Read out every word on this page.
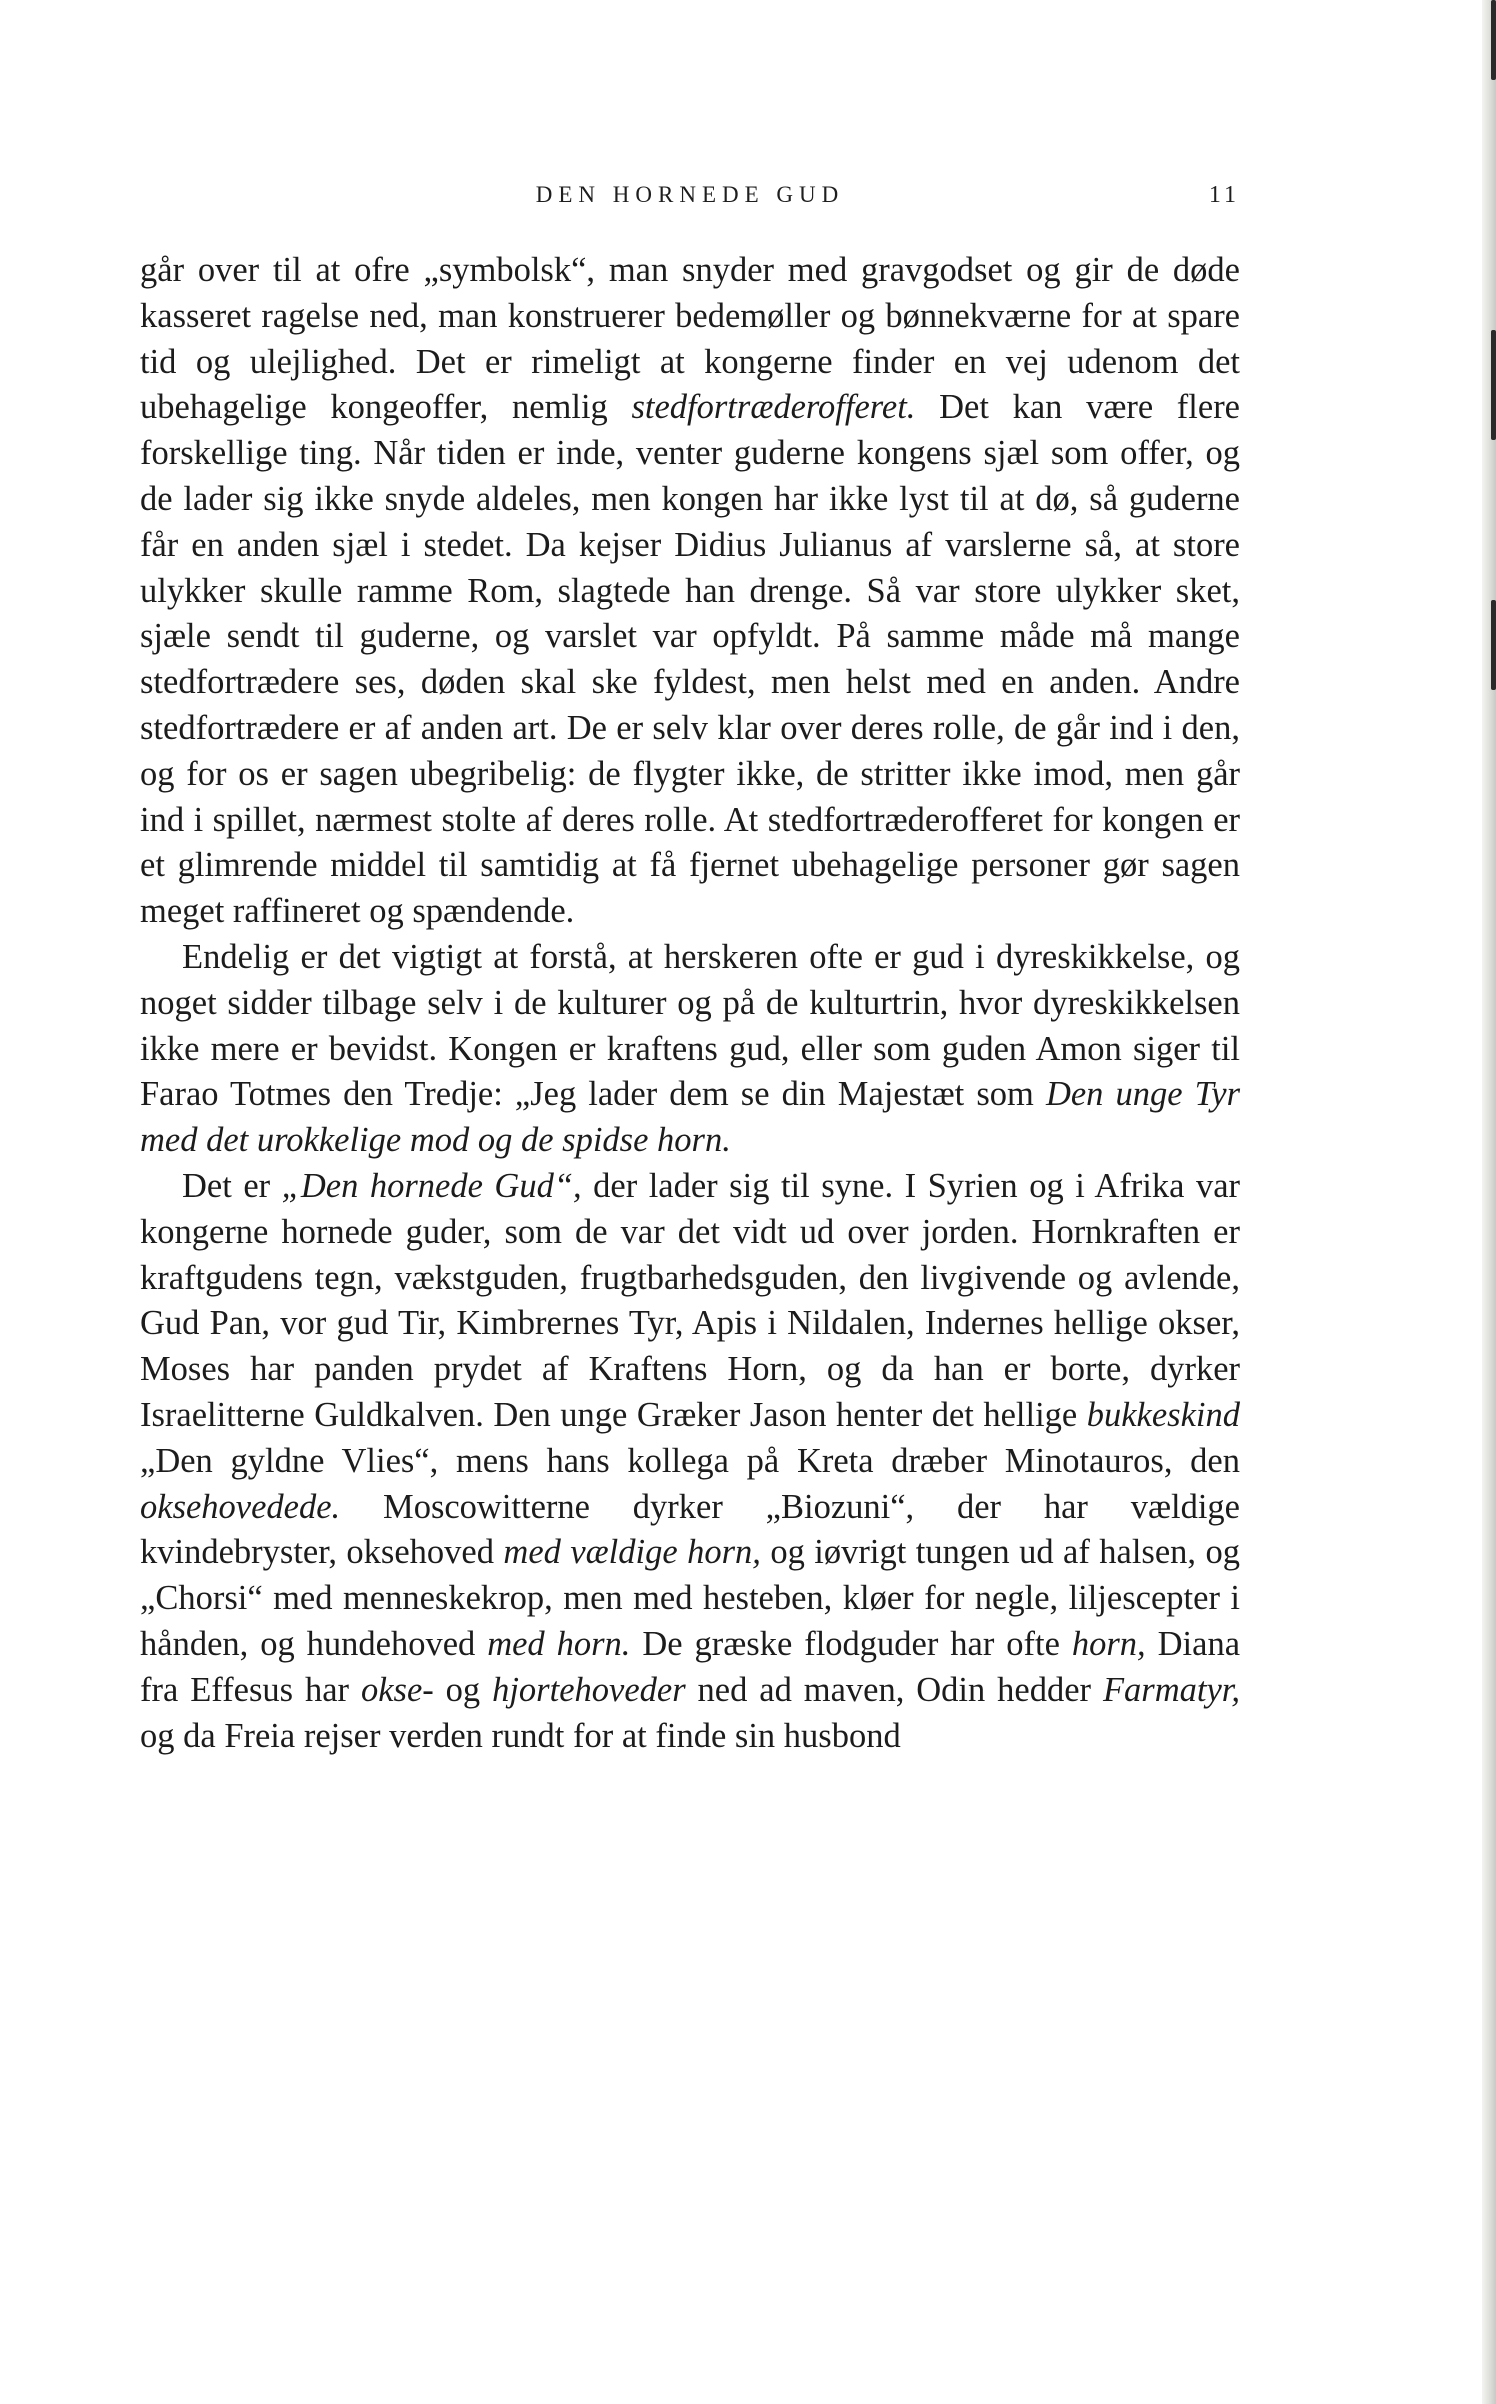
DEN HORNEDE GUD	11

går over til at ofre „symbolsk“, man snyder med gravgodset og gir de døde kasseret ragelse ned, man konstruerer bedemøller og bønnekværne for at spare tid og ulejlighed. Det er rimeligt at kongerne finder en vej udenom det ubehagelige kongeoffer, nemlig stedfortræderofferet. Det kan være flere forskellige ting. Når tiden er inde, venter guderne kongens sjæl som offer, og de lader sig ikke snyde aldeles, men kongen har ikke lyst til at dø, så guderne får en anden sjæl i stedet. Da kejser Didius Julianus af varslerne så, at store ulykker skulle ramme Rom, slagtede han drenge. Så var store ulykker sket, sjæle sendt til guderne, og varslet var opfyldt. På samme måde må mange stedfortrædere ses, døden skal ske fyldest, men helst med en anden. Andre stedfortrædere er af anden art. De er selv klar over deres rolle, de går ind i den, og for os er sagen ubegribelig: de flygter ikke, de stritter ikke imod, men går ind i spillet, nærmest stolte af deres rolle. At stedfortræderofferet for kongen er et glimrende middel til samtidig at få fjernet ubehagelige personer gør sagen meget raffineret og spændende.

Endelig er det vigtigt at forstå, at herskeren ofte er gud i dyreskikkelse, og noget sidder tilbage selv i de kulturer og på de kulturtrin, hvor dyreskikkelsen ikke mere er bevidst. Kongen er kraftens gud, eller som guden Amon siger til Farao Totmes den Tredje: „Jeg lader dem se din Majestæt som Den unge Tyr med det urokkelige mod og de spidse horn.

Det er „Den hornede Gud“, der lader sig til syne. I Syrien og i Afrika var kongerne hornede guder, som de var det vidt ud over jorden. Hornkraften er kraftgudens tegn, vækstguden, frugtbarhedsguden, den livgivende og avlende, Gud Pan, vor gud Tir, Kimbrernes Tyr, Apis i Nildalen, Indernes hellige okser, Moses har panden prydet af Kraftens Horn, og da han er borte, dyrker Israelitterne Guldkalven. Den unge Græker Jason henter det hellige bukkeskind „Den gyldne Vlies“, mens hans kollega på Kreta dræber Minotauros, den oksehovedede. Moscowitterne dyrker „Biozuni“, der har vældige kvindebryster, oksehoved med vældige horn, og iøvrigt tungen ud af halsen, og „Chorsi“ med menneskekrop, men med hesteben, kløer for negle, liljescepter i hånden, og hundehoved med horn. De græske flodguder har ofte horn, Diana fra Effesus har okse- og hjortehoveder ned ad maven, Odin hedder Farmatyr, og da Freia rejser verden rundt for at finde sin husbond
